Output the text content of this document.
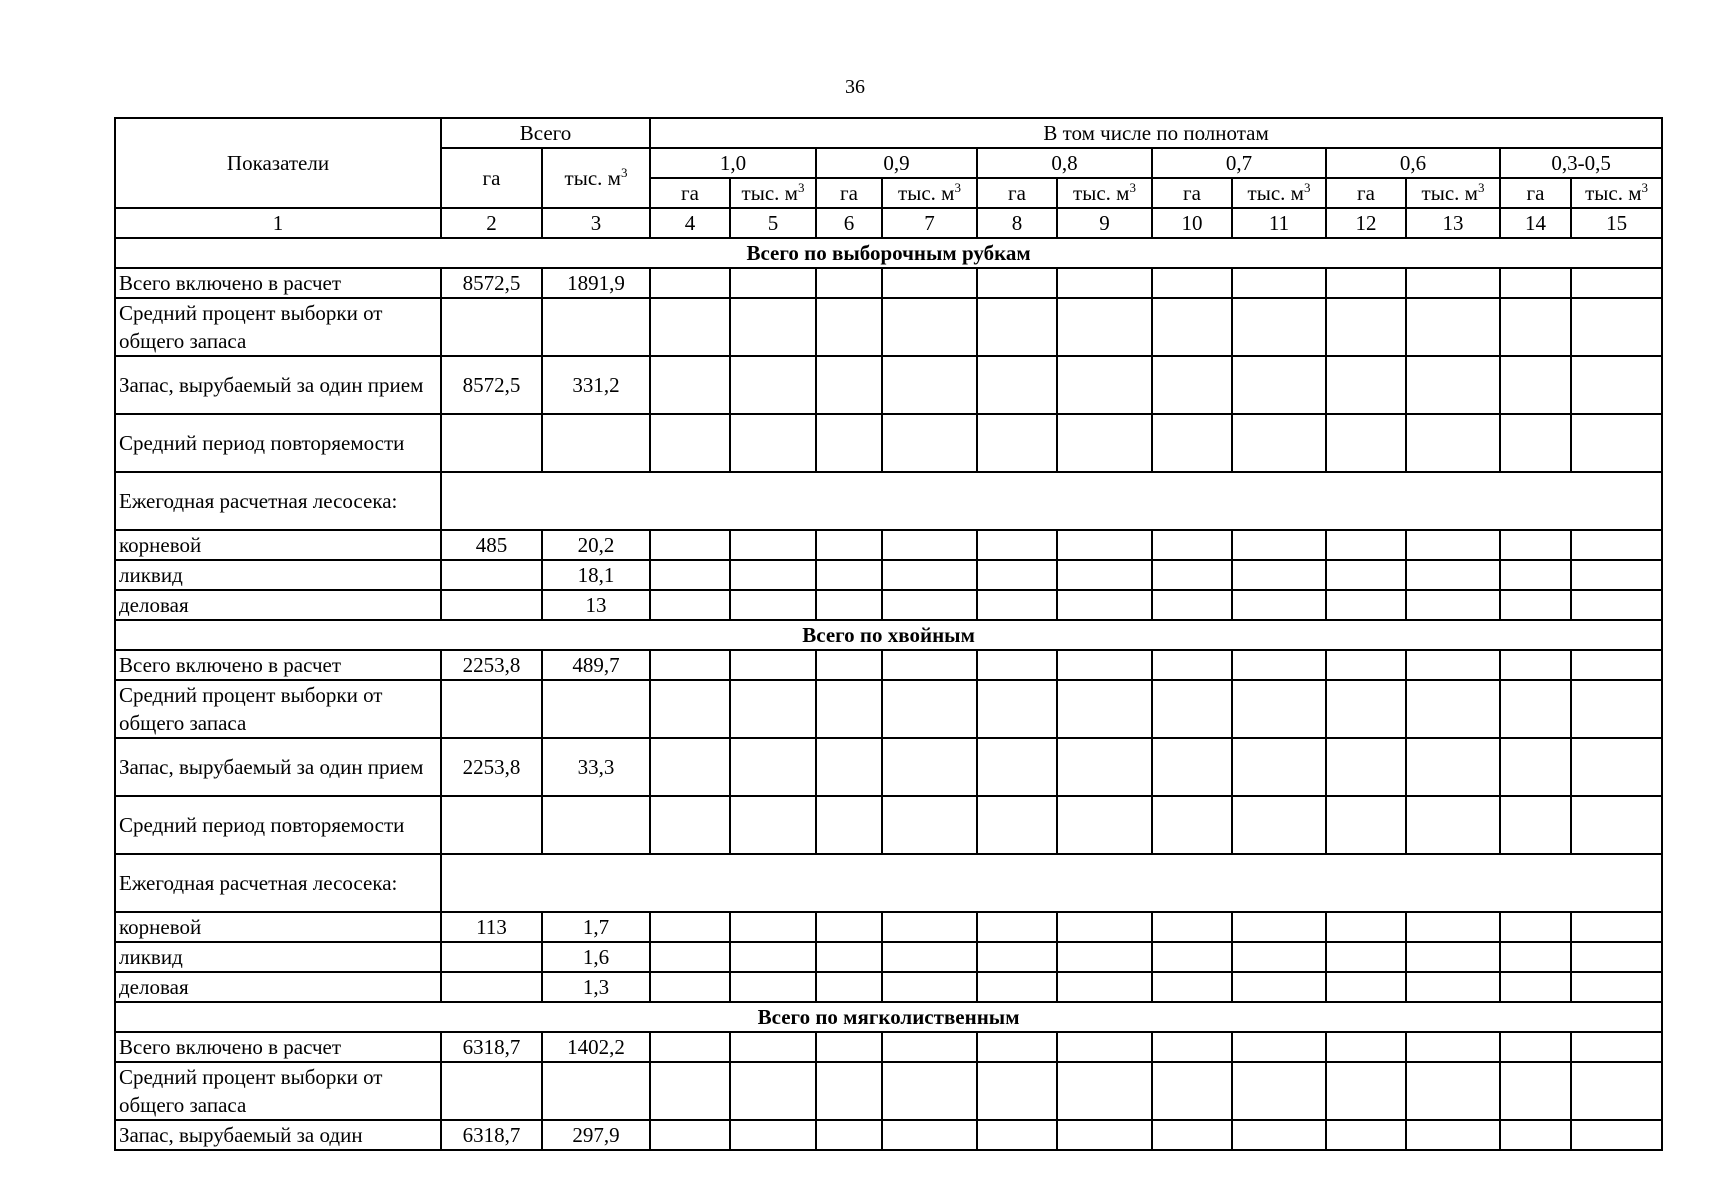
36
Показатели	Всего		В том числе по полнотам											
	га	тыс. $м^3$	1,0		0,9		0,8		0,7		0,6		0,3-0,5	
			га	тыс. $м^3$	га	тыс. $м^3$	га	тыс. $м^3$	га	тыс. $м^3$	га	тыс. $м^3$	га	тыс. $м^3$
1	2	3	4	5	6	7	8	9	10	11	12	13	14	15
Всего по выборочным рубкам														
Всего включено в расчет	8572,5	1891,9												
Средний процент выборки от общего запаса														
Запас, вырубаемый за один прием	8572,5	331,2												
Средний период повторяемости														
Ежегодная расчетная лесосека:														
корневой	485	20,2												
ликвид		18,1												
деловая		13												
Всего по хвойным														
Всего включено в расчет	2253,8	489,7												
Средний процент выборки от общего запаса														
Запас, вырубаемый за один прием	2253,8	33,3												
Средний период повторяемости														
Ежегодная расчетная лесосека:														
корневой	113	1,7												
ликвид		1,6												
деловая		1,3												
Всего по мягколиственным														
Всего включено в расчет	6318,7	1402,2												
Средний процент выборки от общего запаса														
Запас, вырубаемый за один	6318,7	297,9												
